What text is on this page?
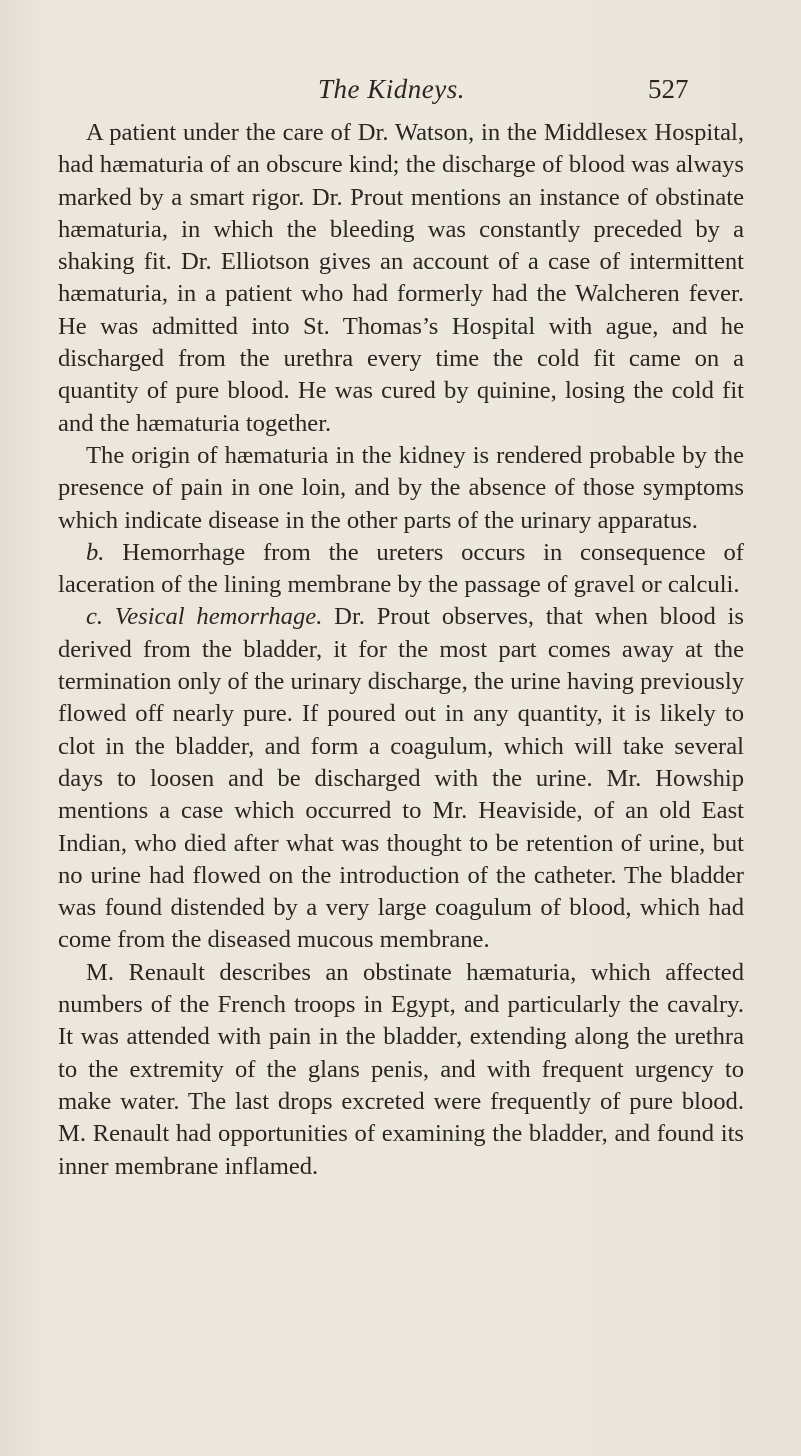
The Kidneys.	527

A patient under the care of Dr. Watson, in the Middlesex Hospital, had hæmaturia of an obscure kind; the discharge of blood was always marked by a smart rigor. Dr. Prout mentions an instance of obstinate hæmaturia, in which the bleeding was constantly preceded by a shaking fit. Dr. Elliotson gives an account of a case of intermittent hæmaturia, in a patient who had formerly had the Walcheren fever. He was admitted into St. Thomas’s Hospital with ague, and he discharged from the urethra every time the cold fit came on a quantity of pure blood. He was cured by quinine, losing the cold fit and the hæmaturia together.

The origin of hæmaturia in the kidney is rendered probable by the presence of pain in one loin, and by the absence of those symptoms which indicate disease in the other parts of the urinary apparatus.

b. Hemorrhage from the ureters occurs in consequence of laceration of the lining membrane by the passage of gravel or calculi.

c. Vesical hemorrhage. Dr. Prout observes, that when blood is derived from the bladder, it for the most part comes away at the termination only of the urinary discharge, the urine having previously flowed off nearly pure. If poured out in any quantity, it is likely to clot in the bladder, and form a coagulum, which will take several days to loosen and be discharged with the urine. Mr. Howship mentions a case which occurred to Mr. Heaviside, of an old East Indian, who died after what was thought to be retention of urine, but no urine had flowed on the introduction of the catheter. The bladder was found distended by a very large coagulum of blood, which had come from the diseased mucous membrane.

M. Renault describes an obstinate hæmaturia, which affected numbers of the French troops in Egypt, and particularly the cavalry. It was attended with pain in the bladder, extending along the urethra to the extremity of the glans penis, and with frequent urgency to make water. The last drops excreted were frequently of pure blood. M. Renault had opportunities of examining the bladder, and found its inner membrane inflamed.
